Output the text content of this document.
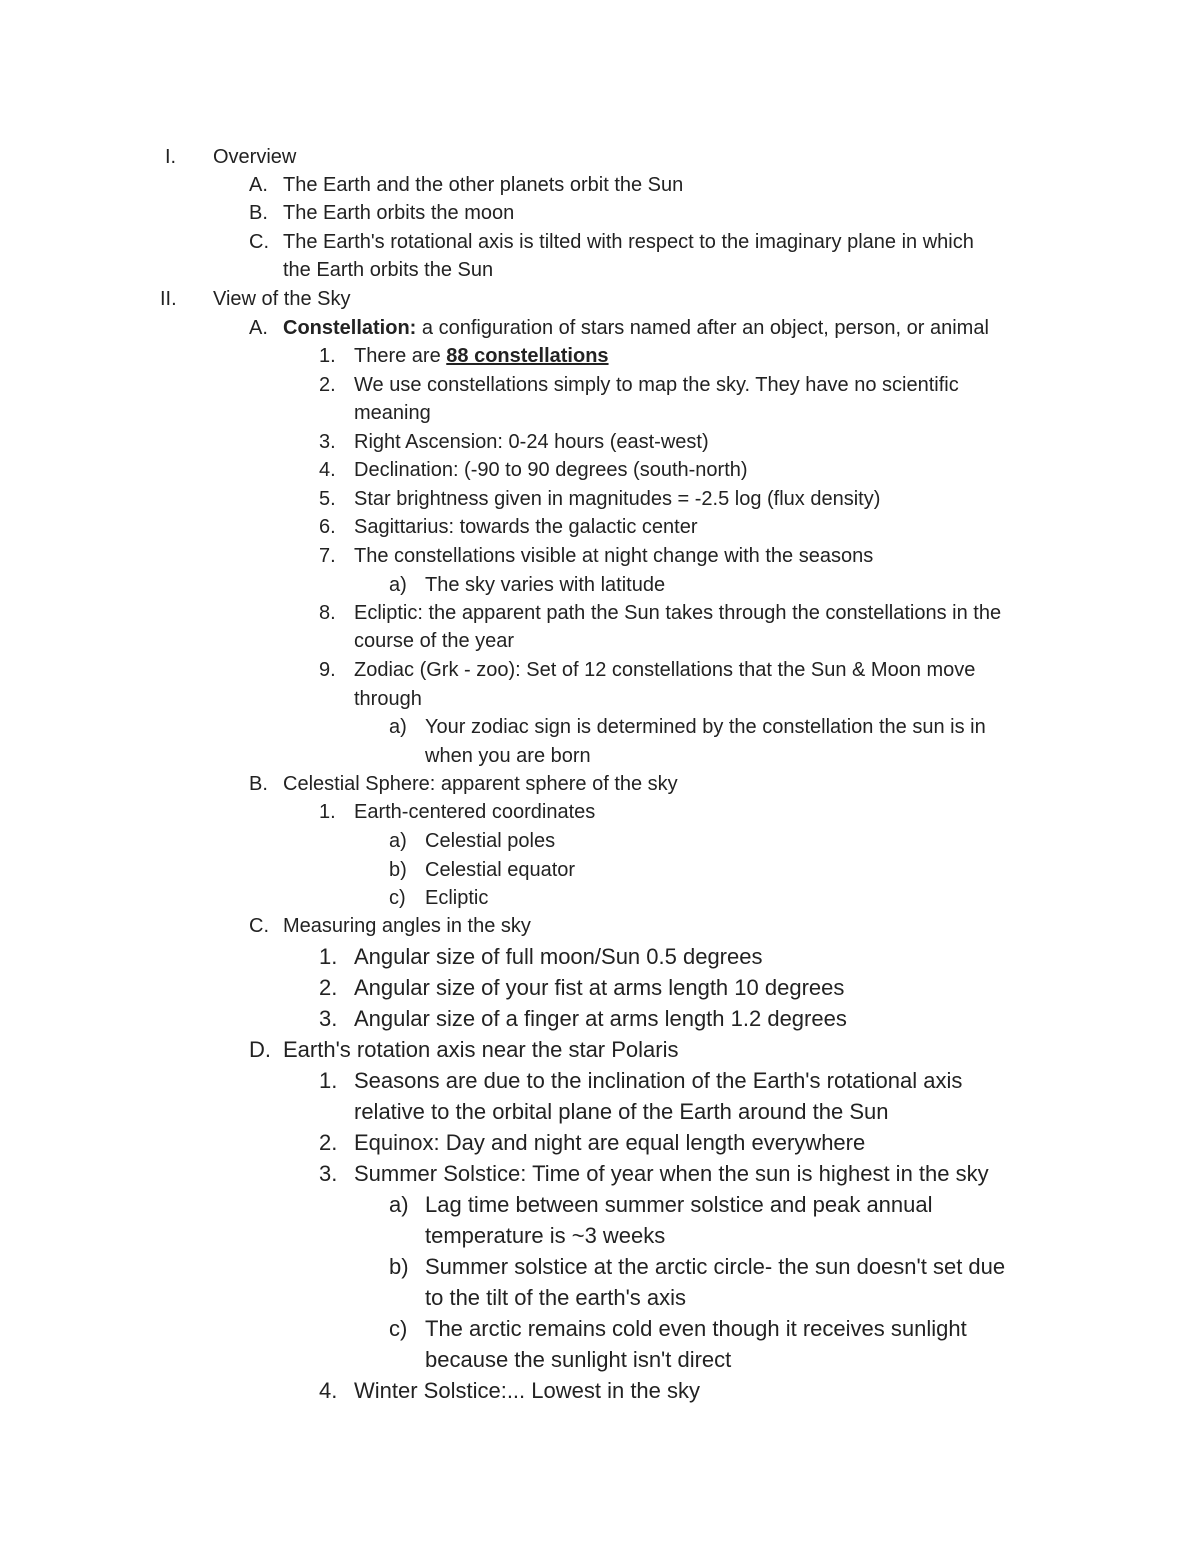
I. Overview
A. The Earth and the other planets orbit the Sun
B. The Earth orbits the moon
C. The Earth's rotational axis is tilted with respect to the imaginary plane in which
the Earth orbits the Sun
II. View of the Sky
A. Constellation: a configuration of stars named after an object, person, or animal
1. There are 88 constellations
2. We use constellations simply to map the sky. They have no scientific
meaning
3. Right Ascension: 0-24 hours (east-west)
4. Declination: (-90 to 90 degrees (south-north)
5. Star brightness given in magnitudes = -2.5 log (flux density)
6. Sagittarius: towards the galactic center
7. The constellations visible at night change with the seasons
a) The sky varies with latitude
8. Ecliptic: the apparent path the Sun takes through the constellations in the
course of the year
9. Zodiac (Grk - zoo): Set of 12 constellations that the Sun & Moon move
through
a) Your zodiac sign is determined by the constellation the sun is in
when you are born
B. Celestial Sphere: apparent sphere of the sky
1. Earth-centered coordinates
a) Celestial poles
b) Celestial equator
c) Ecliptic
C. Measuring angles in the sky
1. Angular size of full moon/Sun 0.5 degrees
2. Angular size of your fist at arms length 10 degrees
3. Angular size of a finger at arms length 1.2 degrees
D. Earth's rotation axis near the star Polaris
1. Seasons are due to the inclination of the Earth's rotational axis
relative to the orbital plane of the Earth around the Sun
2. Equinox: Day and night are equal length everywhere
3. Summer Solstice: Time of year when the sun is highest in the sky
a) Lag time between summer solstice and peak annual
temperature is ~3 weeks
b) Summer solstice at the arctic circle- the sun doesn't set due
to the tilt of the earth's axis
c) The arctic remains cold even though it receives sunlight
because the sunlight isn't direct
4. Winter Solstice:... Lowest in the sky
